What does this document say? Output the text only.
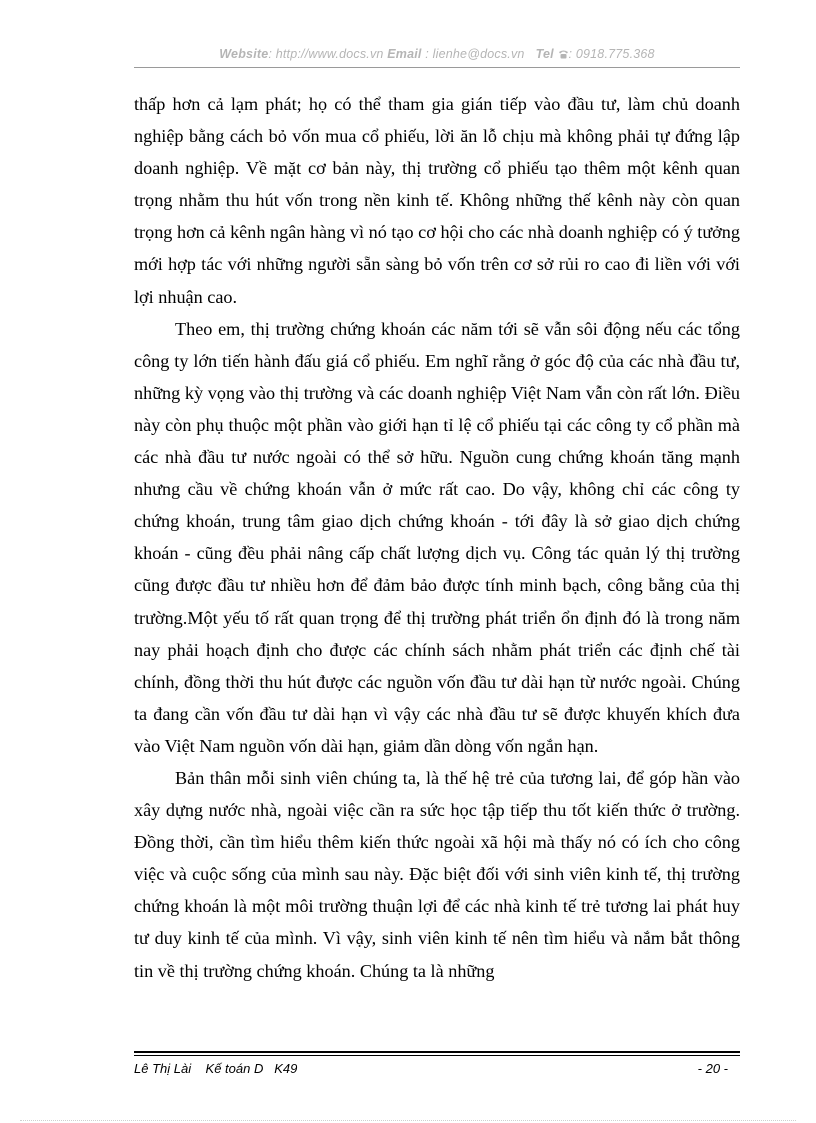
Website: http://www.docs.vn Email : lienhe@docs.vn Tel : 0918.775.368

thấp hơn cả lạm phát; họ có thể tham gia gián tiếp vào đầu tư, làm chủ doanh nghiệp bằng cách bỏ vốn mua cổ phiếu, lời ăn lỗ chịu mà không phải tự đứng lập doanh nghiệp. Về mặt cơ bản này, thị trường cổ phiếu tạo thêm một kênh quan trọng nhằm thu hút vốn trong nền kinh tế. Không những thế kênh này còn quan trọng hơn cả kênh ngân hàng vì nó tạo cơ hội cho các nhà doanh nghiệp có ý tưởng mới hợp tác với những người sẵn sàng bỏ vốn trên cơ sở rủi ro cao đi liền với với lợi nhuận cao.

Theo em, thị trường chứng khoán các năm tới sẽ vẫn sôi động nếu các tổng công ty lớn tiến hành đấu giá cổ phiếu. Em nghĩ rằng ở góc độ của các nhà đầu tư, những kỳ vọng vào thị trường và các doanh nghiệp Việt Nam vẫn còn rất lớn. Điều này còn phụ thuộc một phần vào giới hạn tỉ lệ cổ phiếu tại các công ty cổ phần mà các nhà đầu tư nước ngoài có thể sở hữu. Nguồn cung chứng khoán tăng mạnh nhưng cầu về chứng khoán vẫn ở mức rất cao. Do vậy, không chỉ các công ty chứng khoán, trung tâm giao dịch chứng khoán - tới đây là sở giao dịch chứng khoán - cũng đều phải nâng cấp chất lượng dịch vụ. Công tác quản lý thị trường cũng được đầu tư nhiều hơn để đảm bảo được tính minh bạch, công bằng của thị trường.Một yếu tố rất quan trọng để thị trường phát triển ổn định đó là trong năm nay phải hoạch định cho được các chính sách nhằm phát triển các định chế tài chính, đồng thời thu hút được các nguồn vốn đầu tư dài hạn từ nước ngoài. Chúng ta đang cần vốn đầu tư dài hạn vì vậy các nhà đầu tư sẽ được khuyến khích đưa vào Việt Nam nguồn vốn dài hạn, giảm dần dòng vốn ngắn hạn.

Bản thân mỗi sinh viên chúng ta, là thế hệ trẻ của tương lai, để góp hần vào xây dựng nước nhà, ngoài việc cần ra sức học tập tiếp thu tốt kiến thức ở trường. Đồng thời, cần tìm hiểu thêm kiến thức ngoài xã hội mà thấy nó có ích cho công việc và cuộc sống của mình sau này. Đặc biệt đối với sinh viên kinh tế, thị trường chứng khoán là một môi trường thuận lợi để các nhà kinh tế trẻ tương lai phát huy tư duy kinh tế của mình. Vì vậy, sinh viên kinh tế nên tìm hiểu và nắm bắt thông tin về thị trường chứng khoán. Chúng ta là những

Lê Thị Lài    Kế toán D   K49	- 20 -
